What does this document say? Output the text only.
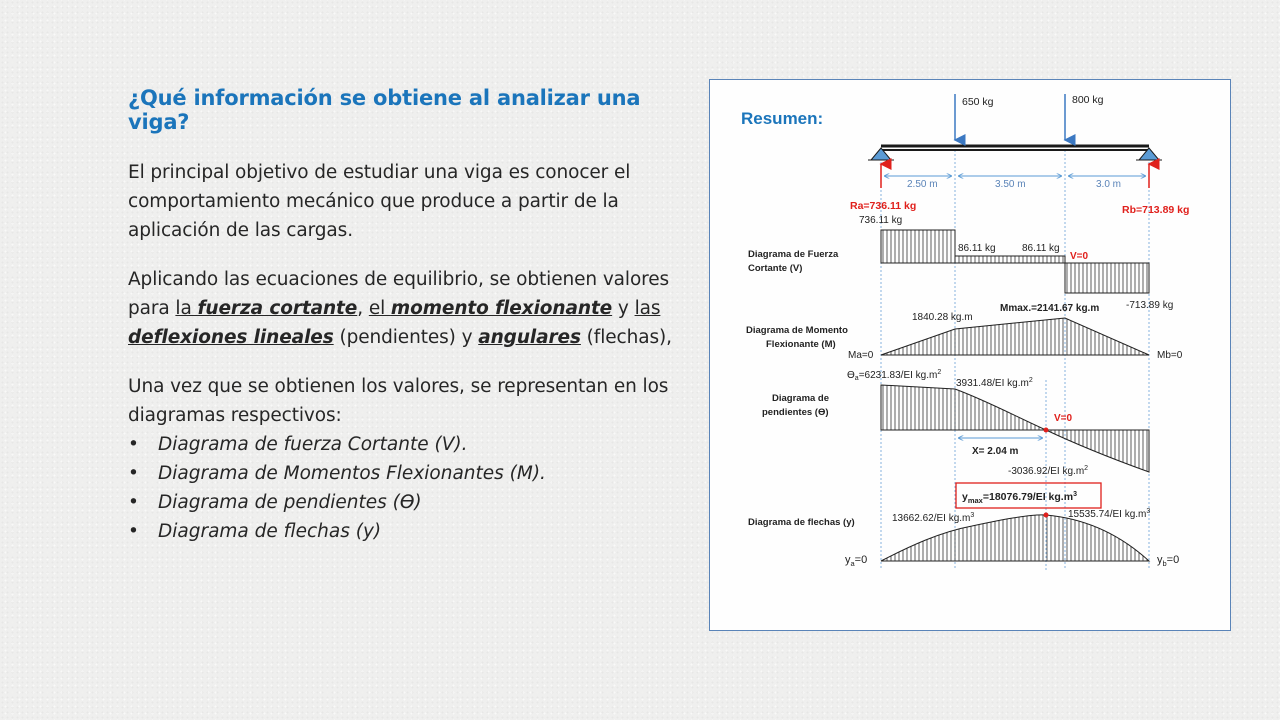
¿Qué información se obtiene al analizar una viga?

El principal objetivo de estudiar una viga es conocer el comportamiento mecánico que produce a partir de la aplicación de las cargas.

Aplicando las ecuaciones de equilibrio, se obtienen valores para la fuerza cortante, el momento flexionante y las deflexiones lineales (pendientes) y angulares (flechas),

Una vez que se obtienen los valores, se representan en los diagramas respectivos:

• Diagrama de fuerza Cortante (V).
• Diagrama de Momentos Flexionantes (M).
• Diagrama de pendientes (Ɵ)
• Diagrama de flechas (y)
Resumen:
650 kg	800 kg
2.50 m	3.50 m	3.0 m
Ra=736.11 kg	Rb=713.89 kg
Diagrama de Fuerza
Cortante (V)
736.11 kg
86.11 kg	86.11 kg
V=0
-713.89 kg
Diagrama de Momento
Flexionante (M)
1840.28 kg.m
Mmax.=2141.67 kg.m
Ma=0	Mb=0
Diagrama de
pendientes (Ɵ)
$Ɵ_a=6231.83/EI$ $kg.m^2$
3931.48/EI $kg.m^2$
V=0
X= 2.04 m
-3036.92/EI $kg.m^2$
$y_{max}=18076.79/EI$ $kg.m^3$
Diagrama de flechas (y)	13662.62/EI $kg.m^3$	15535.74/EI $kg.m^3$
$y_a=0$	$y_b=0$
